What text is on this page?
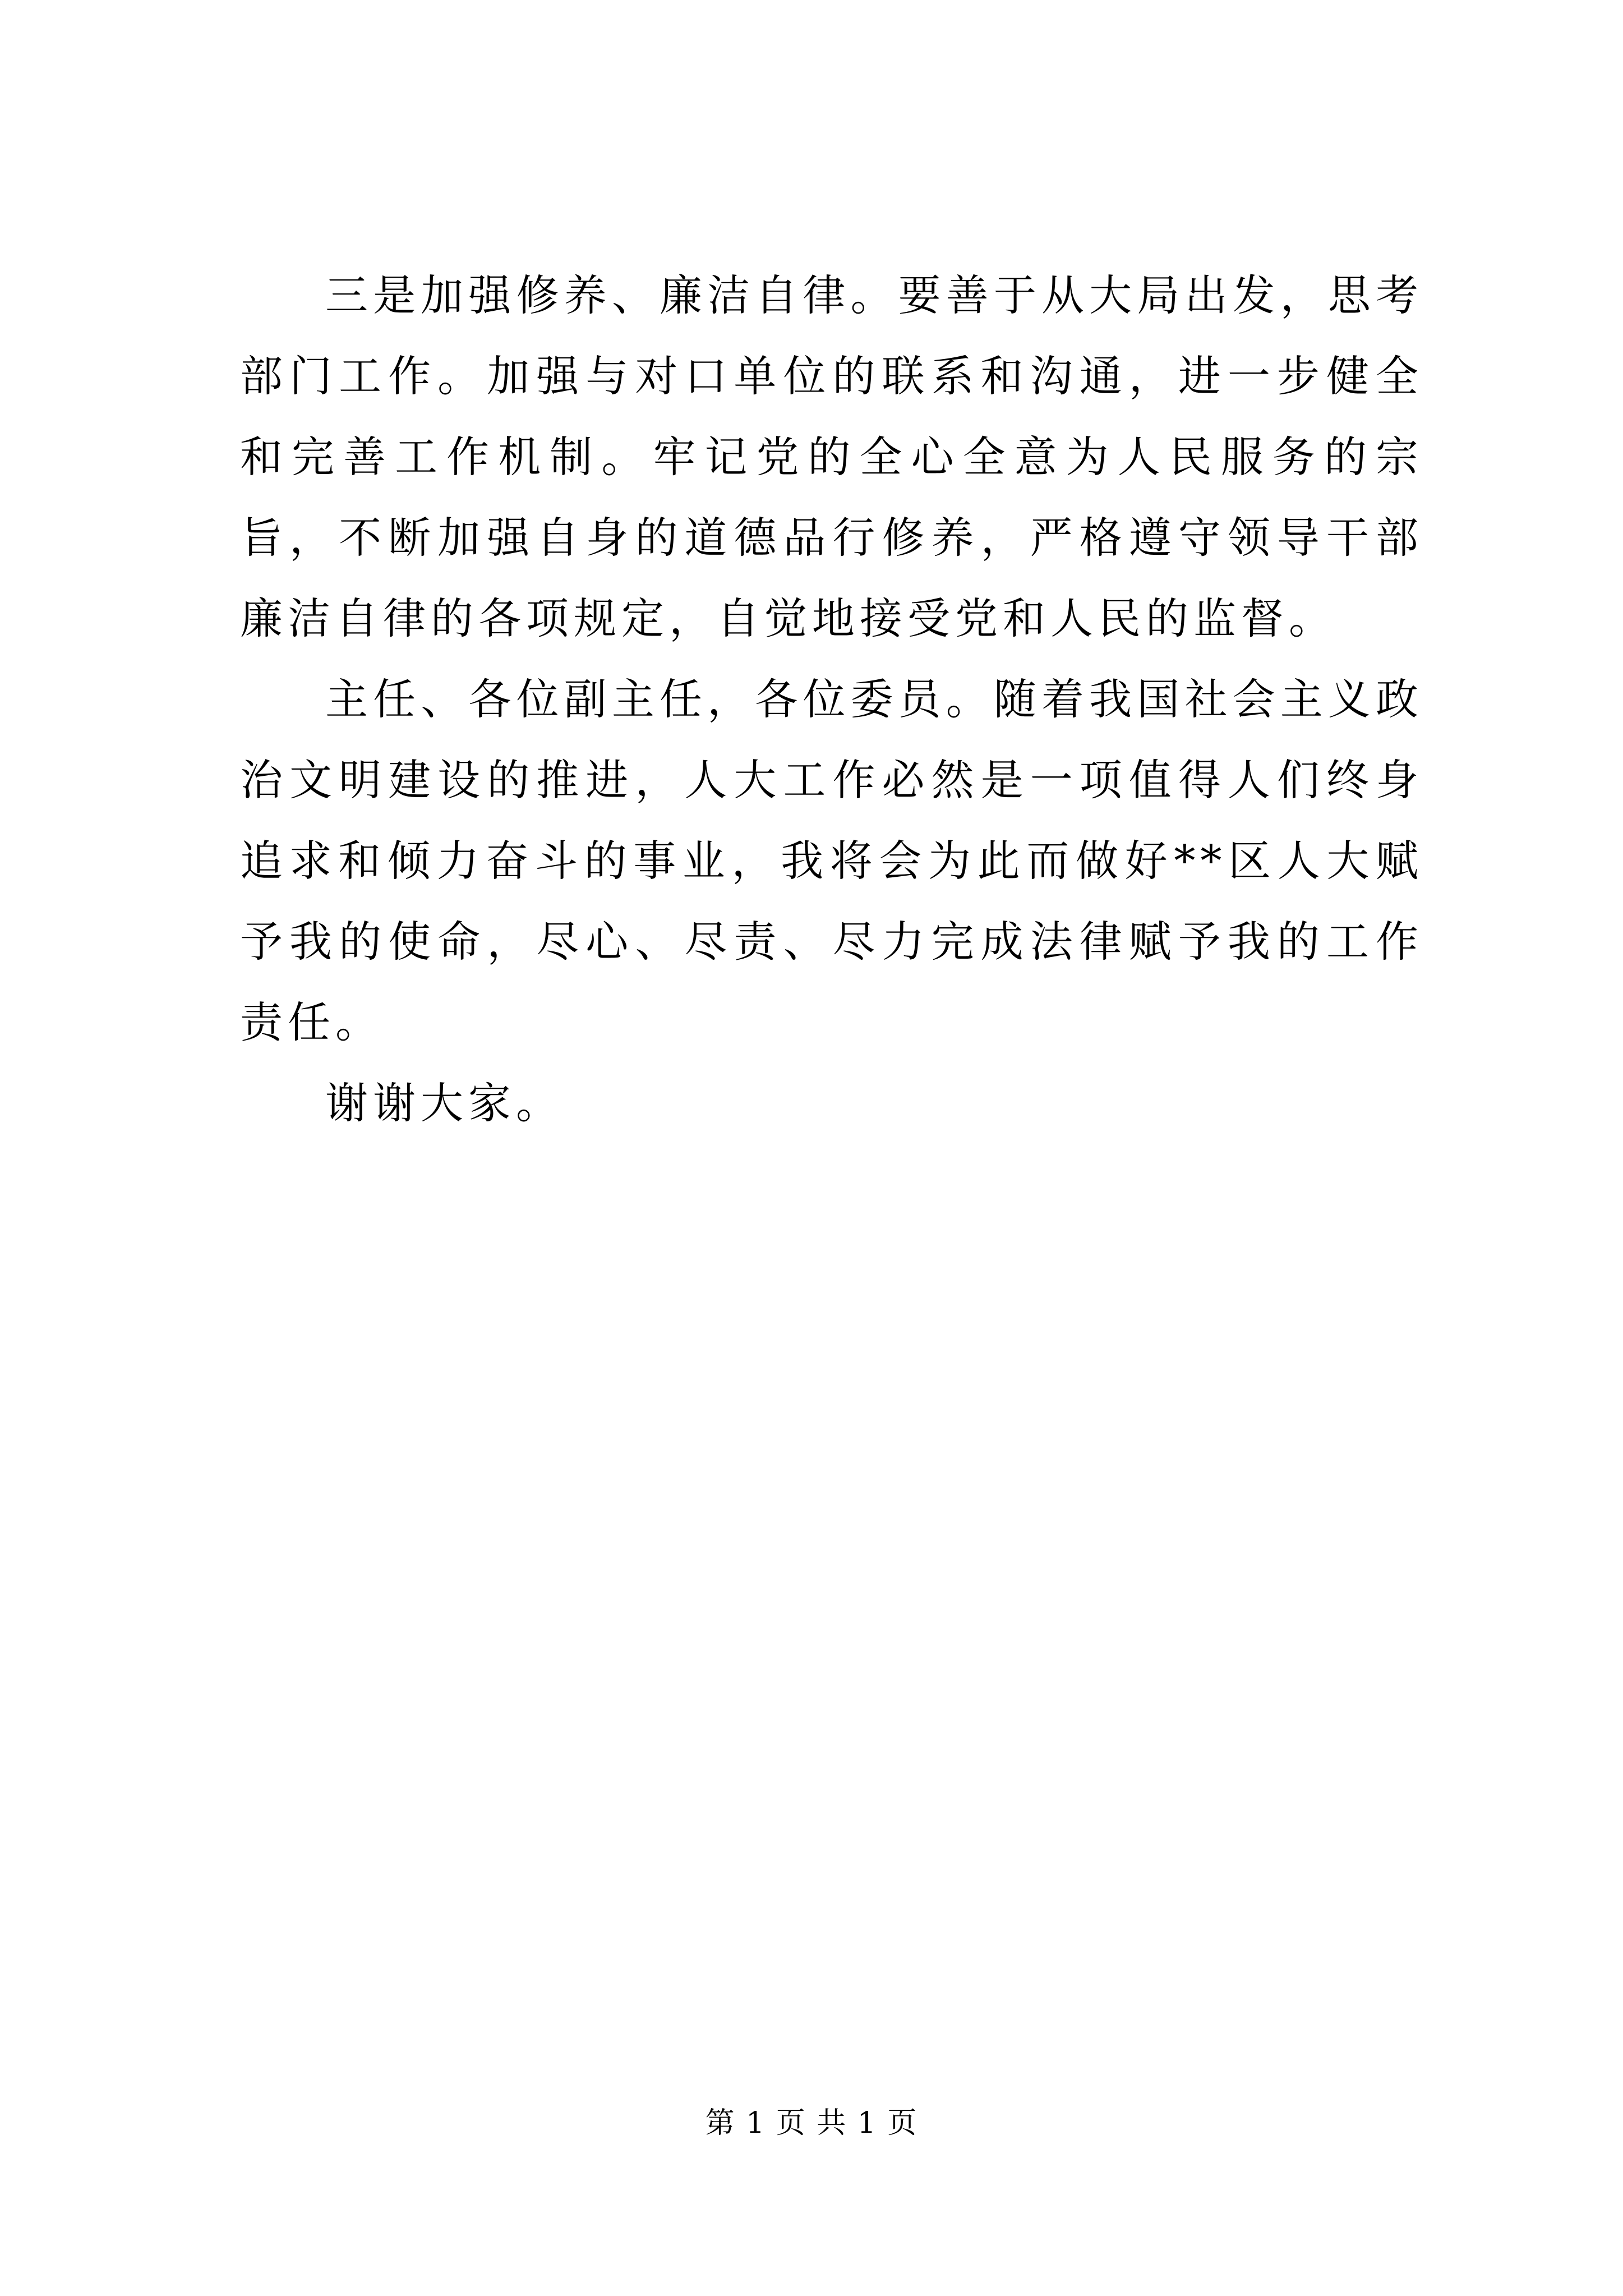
三是加强修养、廉洁自律。要善于从大局出发，思考部门工作。加强与对口单位的联系和沟通，进一步健全和完善工作机制。牢记党的全心全意为人民服务的宗旨，不断加强自身的道德品行修养，严格遵守领导干部廉洁自律的各项规定，自觉地接受党和人民的监督。

主任、各位副主任，各位委员。随着我国社会主义政治文明建设的推进，人大工作必然是一项值得人们终身追求和倾力奋斗的事业，我将会为此而做好**区人大赋予我的使命，尽心、尽责、尽力完成法律赋予我的工作责任。

谢谢大家。

第 1 页 共 1 页
